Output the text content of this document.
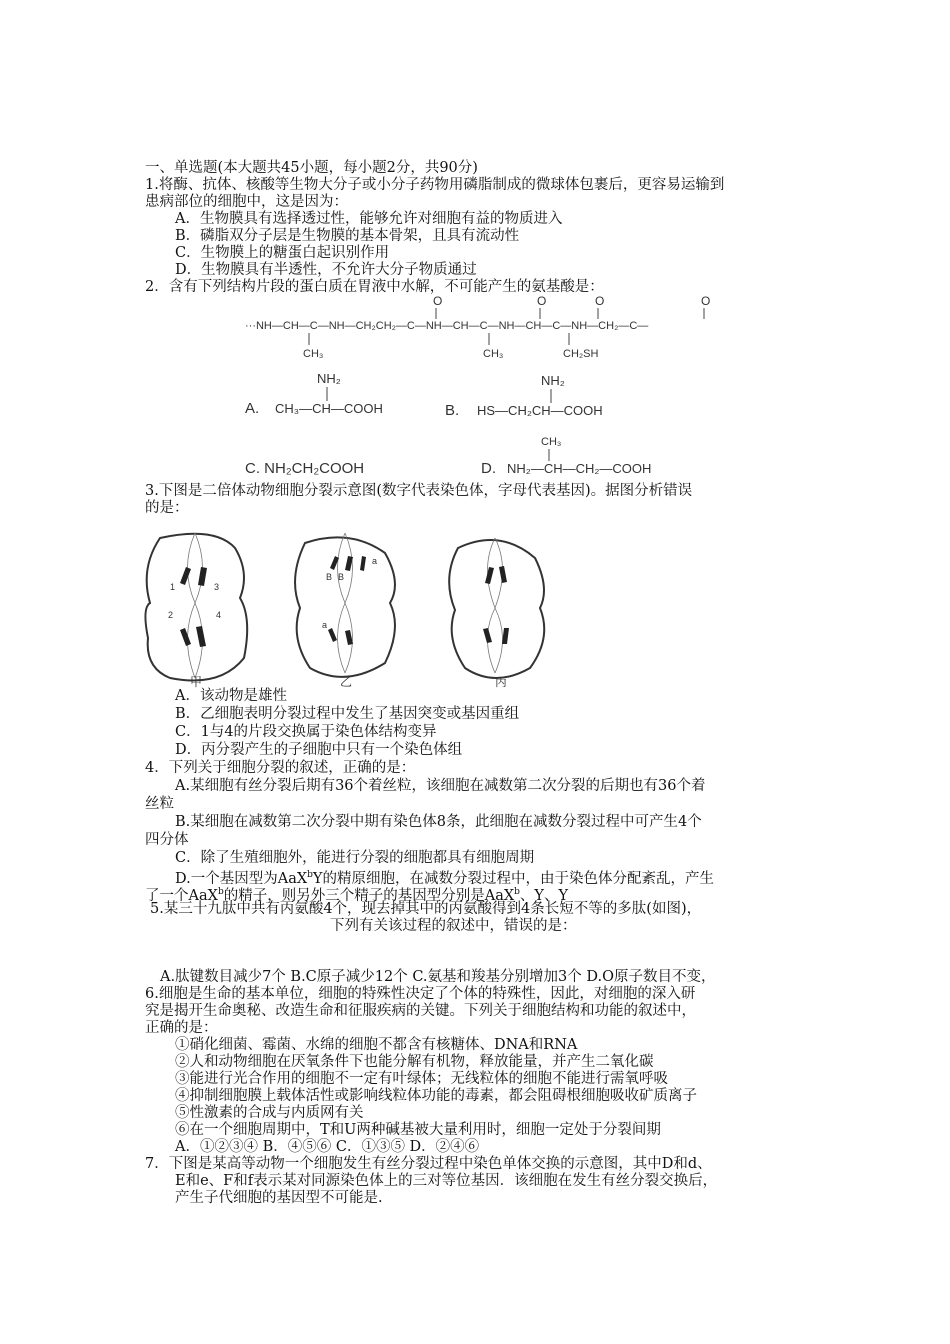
一、单选题(本大题共45小题，每小题2分，共90分)
1.将酶、抗体、核酸等生物大分子或小分子药物用磷脂制成的微球体包裹后，更容易运输到
患病部位的细胞中，这是因为：
A．生物膜具有选择透过性，能够允许对细胞有益的物质进入
B．磷脂双分子层是生物膜的基本骨架，且具有流动性
C．生物膜上的糖蛋白起识别作用
D．生物膜具有半透性，不允许大分子物质通过
2．含有下列结构片段的蛋白质在胃液中水解，不可能产生的氨基酸是：
O	O	O	O
···NH—CH—C—NH—CH₂CH₂—C—NH—CH—C—NH—CH—C—NH—CH₂—C—
CH₃	CH₃	CH₂SH
A.
NH₂
CH₃—CH—COOH	B.
NH₂
HS—CH₂CH—COOH
C. NH₂CH₂COOH	D.
CH₃
NH₂—CH—CH₂—COOH
3.下图是二倍体动物细胞分裂示意图(数字代表染色体，字母代表基因)。据图分析错误
的是：
1	3
2	4
B B
a
a
甲	乙	丙
A．该动物是雄性
B．乙细胞表明分裂过程中发生了基因突变或基因重组
C．1与4的片段交换属于染色体结构变异
D．丙分裂产生的子细胞中只有一个染色体组
4．下列关于细胞分裂的叙述，正确的是：
A.某细胞有丝分裂后期有36个着丝粒，该细胞在减数第二次分裂的后期也有36个着
丝粒
B.某细胞在减数第二次分裂中期有染色体8条，此细胞在减数分裂过程中可产生4个
四分体
C．除了生殖细胞外，能进行分裂的细胞都具有细胞周期
D.一个基因型为AaX$^b$Y的精原细胞，在减数分裂过程中，由于染色体分配紊乱，产生
了一个AaX$^b$的精子，则另外三个精子的基因型分别是AaX$^b$、Y、Y
5.某三十九肽中共有丙氨酸4个，现去掉其中的丙氨酸得到4条长短不等的多肽(如图)，
下列有关该过程的叙述中，错误的是：
A.肽键数目减少7个 B.C原子减少12个 C.氨基和羧基分别增加3个 D.O原子数目不变，
6.细胞是生命的基本单位，细胞的特殊性决定了个体的特殊性，因此，对细胞的深入研
究是揭开生命奥秘、改造生命和征服疾病的关键。下列关于细胞结构和功能的叙述中，
正确的是：
①硝化细菌、霉菌、水绵的细胞不都含有核糖体、DNA和RNA
②人和动物细胞在厌氧条件下也能分解有机物，释放能量，并产生二氧化碳
③能进行光合作用的细胞不一定有叶绿体；无线粒体的细胞不能进行需氧呼吸
④抑制细胞膜上载体活性或影响线粒体功能的毒素，都会阻碍根细胞吸收矿质离子
⑤性激素的合成与内质网有关
⑥在一个细胞周期中，T和U两种碱基被大量利用时，细胞一定处于分裂间期
A．①②③④ B．④⑤⑥ C．①③⑤ D．②④⑥
7．下图是某高等动物一个细胞发生有丝分裂过程中染色单体交换的示意图，其中D和d、
E和e、F和f表示某对同源染色体上的三对等位基因．该细胞在发生有丝分裂交换后，
产生子代细胞的基因型不可能是.
